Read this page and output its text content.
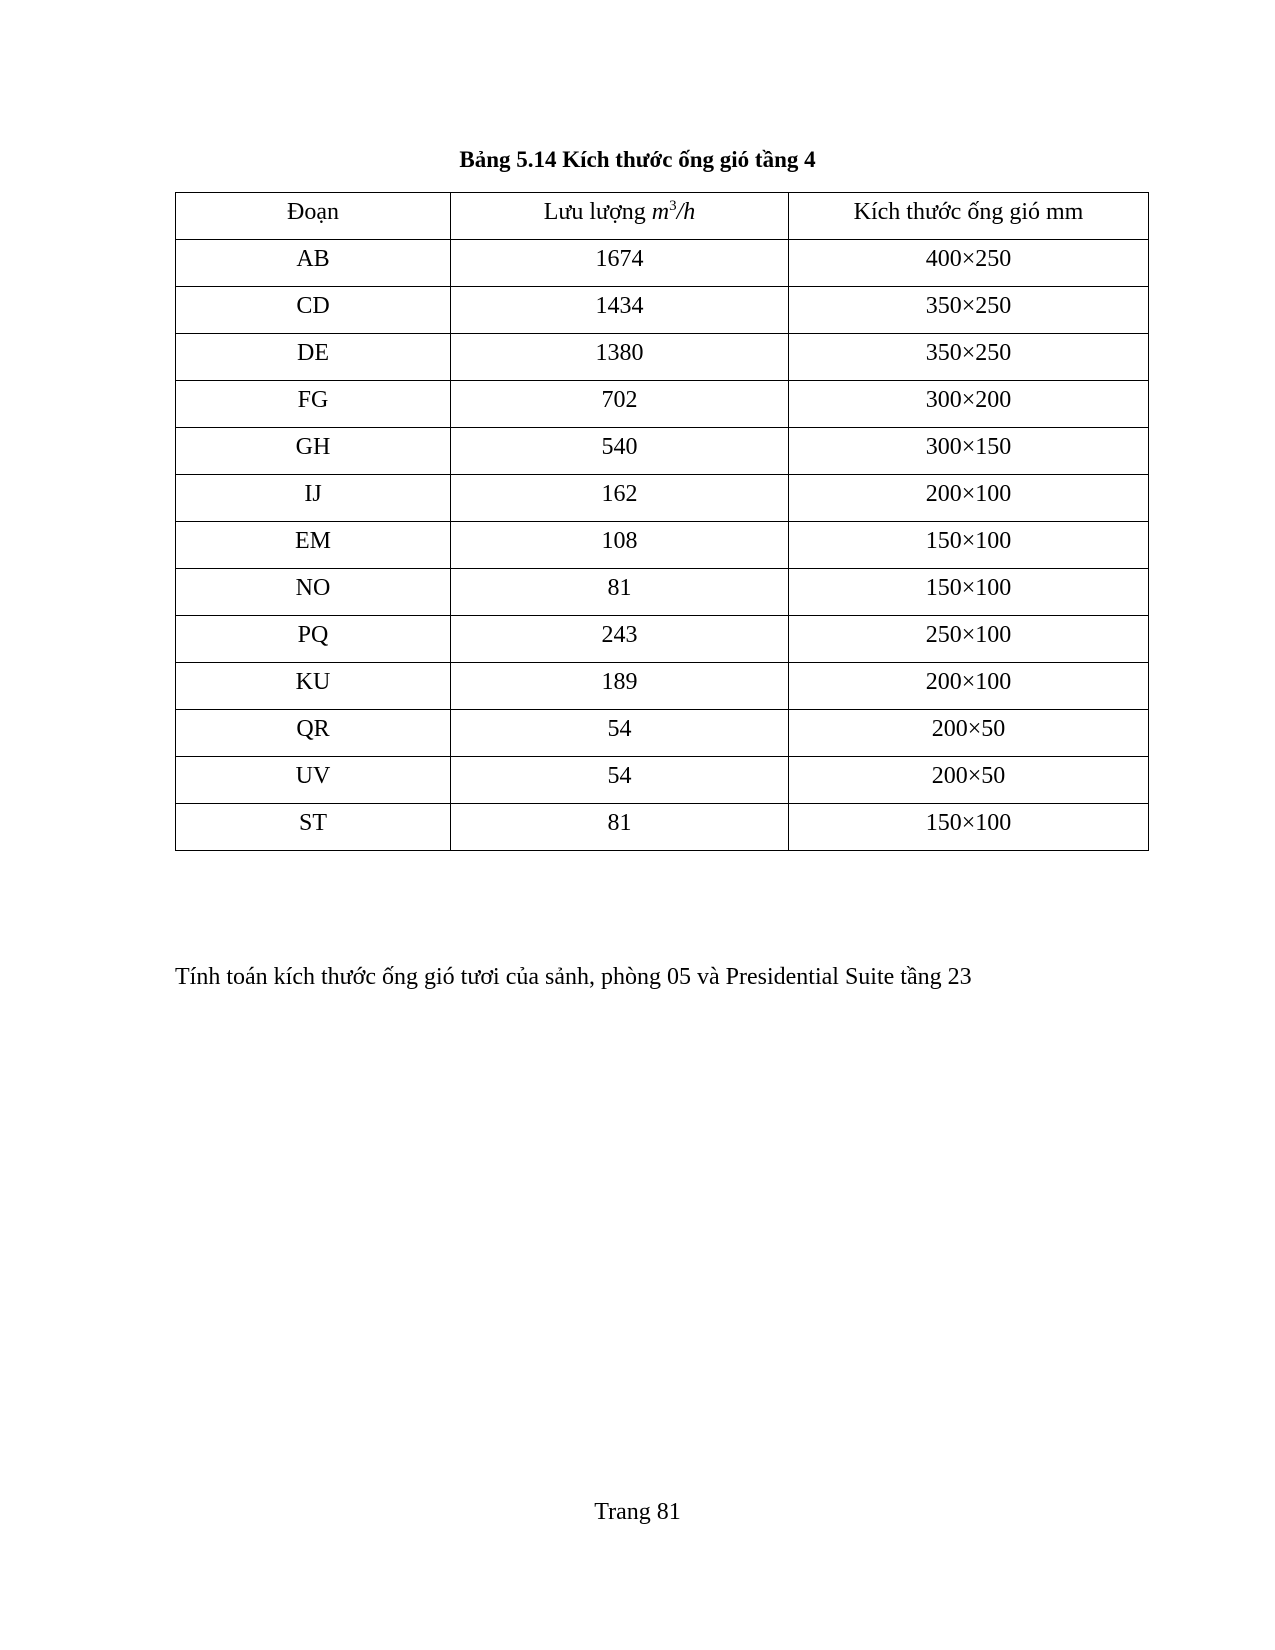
Bảng 5.14 Kích thước ống gió tầng 4
Đoạn	Lưu lượng $m^3/h$	Kích thước ống gió mm
AB	1674	400×250
CD	1434	350×250
DE	1380	350×250
FG	702	300×200
GH	540	300×150
IJ	162	200×100
EM	108	150×100
NO	81	150×100
PQ	243	250×100
KU	189	200×100
QR	54	200×50
UV	54	200×50
ST	81	150×100
Tính toán kích thước ống gió tươi của sảnh, phòng 05 và Presidential Suite tầng 23
Trang 81
